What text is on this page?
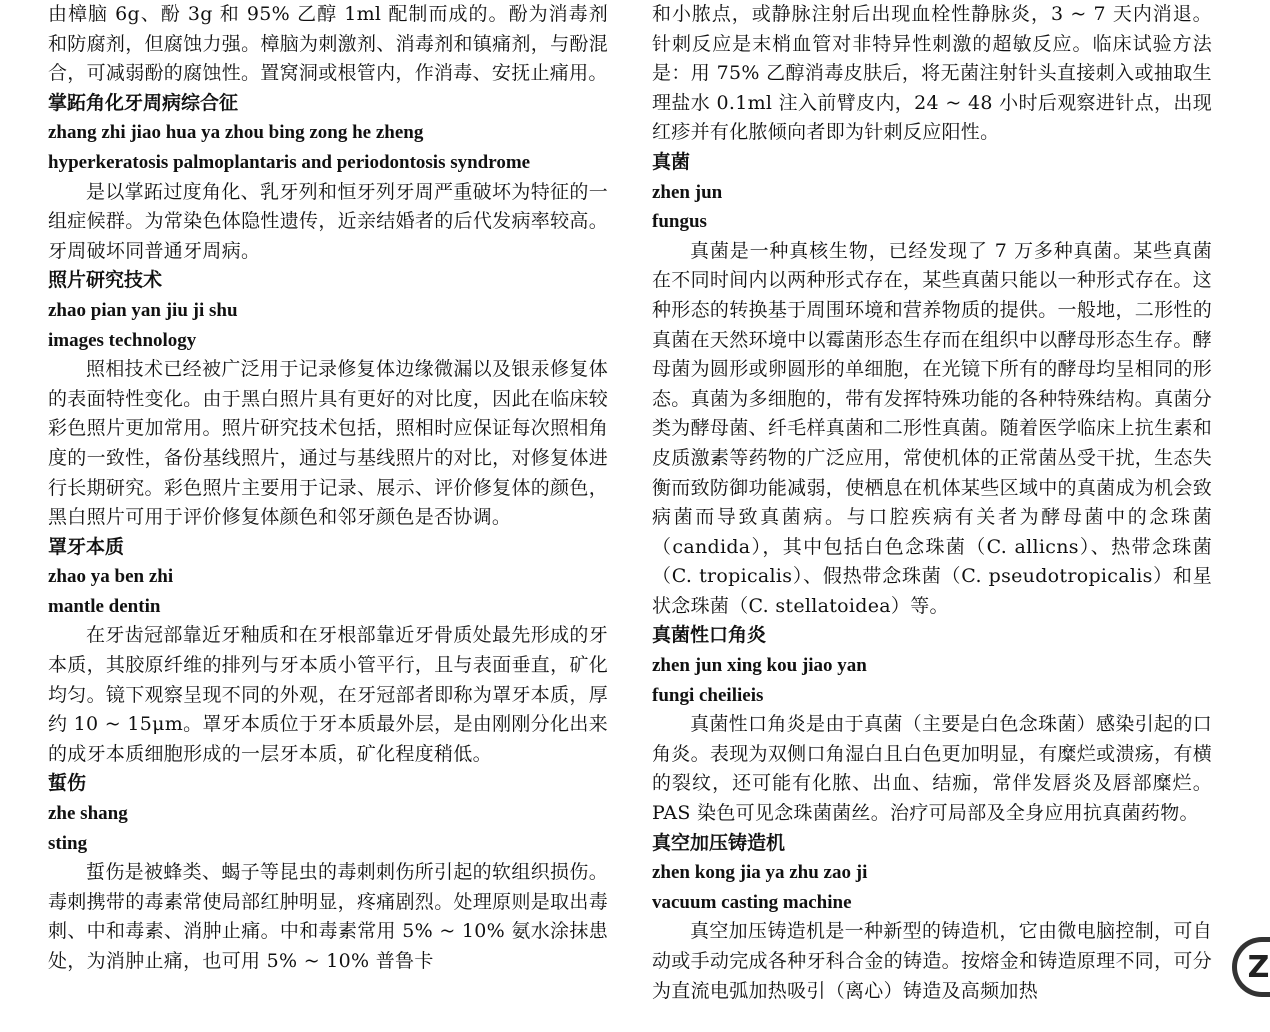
由樟脑 6g、酚 3g 和 95% 乙醇 1ml 配制而成的。酚为消毒剂和防腐剂，但腐蚀力强。樟脑为刺激剂、消毒剂和镇痛剂，与酚混合，可减弱酚的腐蚀性。置窝洞或根管内，作消毒、安抚止痛用。

掌跖角化牙周病综合征
zhang zhi jiao hua ya zhou bing zong he zheng
hyperkeratosis palmoplantaris and periodontosis syndrome

是以掌跖过度角化、乳牙列和恒牙列牙周严重破坏为特征的一组症候群。为常染色体隐性遗传，近亲结婚者的后代发病率较高。牙周破坏同普通牙周病。

照片研究技术
zhao pian yan jiu ji shu
images technology

照相技术已经被广泛用于记录修复体边缘微漏以及银汞修复体的表面特性变化。由于黑白照片具有更好的对比度，因此在临床较彩色照片更加常用。照片研究技术包括，照相时应保证每次照相角度的一致性，备份基线照片，通过与基线照片的对比，对修复体进行长期研究。彩色照片主要用于记录、展示、评价修复体的颜色，黑白照片可用于评价修复体颜色和邻牙颜色是否协调。

罩牙本质
zhao ya ben zhi
mantle dentin

在牙齿冠部靠近牙釉质和在牙根部靠近牙骨质处最先形成的牙本质，其胶原纤维的排列与牙本质小管平行，且与表面垂直，矿化均匀。镜下观察呈现不同的外观，在牙冠部者即称为罩牙本质，厚约 10 ~ 15μm。罩牙本质位于牙本质最外层，是由刚刚分化出来的成牙本质细胞形成的一层牙本质，矿化程度稍低。

蜇伤
zhe shang
sting

蜇伤是被蜂类、蝎子等昆虫的毒刺刺伤所引起的软组织损伤。毒刺携带的毒素常使局部红肿明显，疼痛剧烈。处理原则是取出毒刺、中和毒素、消肿止痛。中和毒素常用 5% ~ 10% 氨水涂抹患处，为消肿止痛，也可用 5% ~ 10% 普鲁卡

和小脓点，或静脉注射后出现血栓性静脉炎，3 ~ 7 天内消退。针刺反应是末梢血管对非特异性刺激的超敏反应。临床试验方法是：用 75% 乙醇消毒皮肤后，将无菌注射针头直接刺入或抽取生理盐水 0.1ml 注入前臂皮内，24 ~ 48 小时后观察进针点，出现红疹并有化脓倾向者即为针刺反应阳性。

真菌
zhen jun
fungus

真菌是一种真核生物，已经发现了 7 万多种真菌。某些真菌在不同时间内以两种形式存在，某些真菌只能以一种形式存在。这种形态的转换基于周围环境和营养物质的提供。一般地，二形性的真菌在天然环境中以霉菌形态生存而在组织中以酵母形态生存。酵母菌为圆形或卵圆形的单细胞，在光镜下所有的酵母均呈相同的形态。真菌为多细胞的，带有发挥特殊功能的各种特殊结构。真菌分类为酵母菌、纤毛样真菌和二形性真菌。随着医学临床上抗生素和皮质激素等药物的广泛应用，常使机体的正常菌丛受干扰，生态失衡而致防御功能减弱，使栖息在机体某些区域中的真菌成为机会致病菌而导致真菌病。与口腔疾病有关者为酵母菌中的念珠菌（candida），其中包括白色念珠菌（C. allicns）、热带念珠菌（C. tropicalis）、假热带念珠菌（C. pseudotropicalis）和星状念珠菌（C. stellatoidea）等。

真菌性口角炎
zhen jun xing kou jiao yan
fungi cheilieis

真菌性口角炎是由于真菌（主要是白色念珠菌）感染引起的口角炎。表现为双侧口角湿白且白色更加明显，有糜烂或溃疡，有横的裂纹，还可能有化脓、出血、结痂，常伴发唇炎及唇部糜烂。PAS 染色可见念珠菌菌丝。治疗可局部及全身应用抗真菌药物。

真空加压铸造机
zhen kong jia ya zhu zao ji
vacuum casting machine

真空加压铸造机是一种新型的铸造机，它由微电脑控制，可自动或手动完成各种牙科合金的铸造。按熔金和铸造原理不同，可分为直流电弧加热吸引（离心）铸造及高频加热

Z
